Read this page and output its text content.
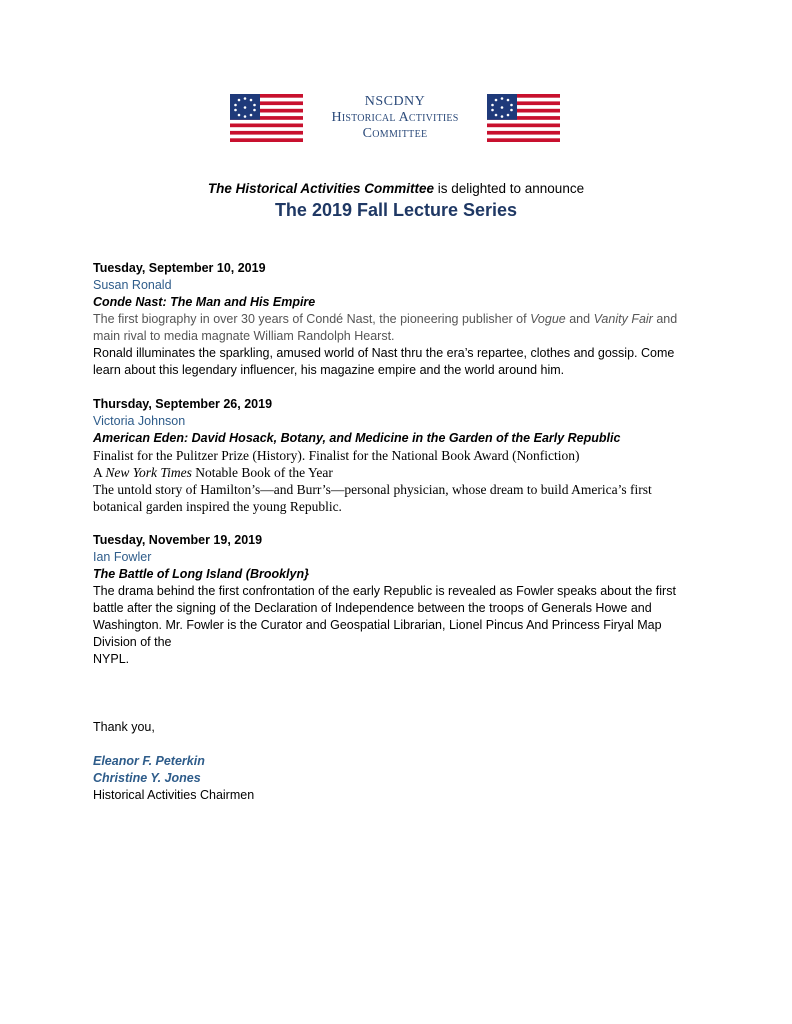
NSCDNY
Historical Activities
Committee
The Historical Activities Committee is delighted to announce
The 2019 Fall Lecture Series

Tuesday, September 10, 2019

Susan Ronald

Conde Nast: The Man and His Empire

The first biography in over 30 years of Condé Nast, the pioneering publisher of Vogue and Vanity Fair and main rival to media magnate William Randolph Hearst.

Ronald illuminates the sparkling, amused world of Nast thru the era’s repartee, clothes and gossip. Come learn about this legendary influencer, his magazine empire and the world around him.

Thursday, September 26, 2019

Victoria Johnson

American Eden: David Hosack, Botany, and Medicine in the Garden of the Early Republic

Finalist for the Pulitzer Prize (History). Finalist for the National Book Award (Nonfiction)

A New York Times Notable Book of the Year

The untold story of Hamilton’s—and Burr’s—personal physician, whose dream to build America’s first botanical garden inspired the young Republic.

Tuesday, November 19, 2019

Ian Fowler

The Battle of Long Island (Brooklyn}

The drama behind the first confrontation of the early Republic is revealed as Fowler speaks about the first battle after the signing of the Declaration of Independence between the troops of Generals Howe and Washington. Mr. Fowler is the Curator and Geospatial Librarian, Lionel Pincus And Princess Firyal Map Division of the

NYPL.

Thank you,

Eleanor F. Peterkin

Christine Y. Jones

Historical Activities Chairmen
